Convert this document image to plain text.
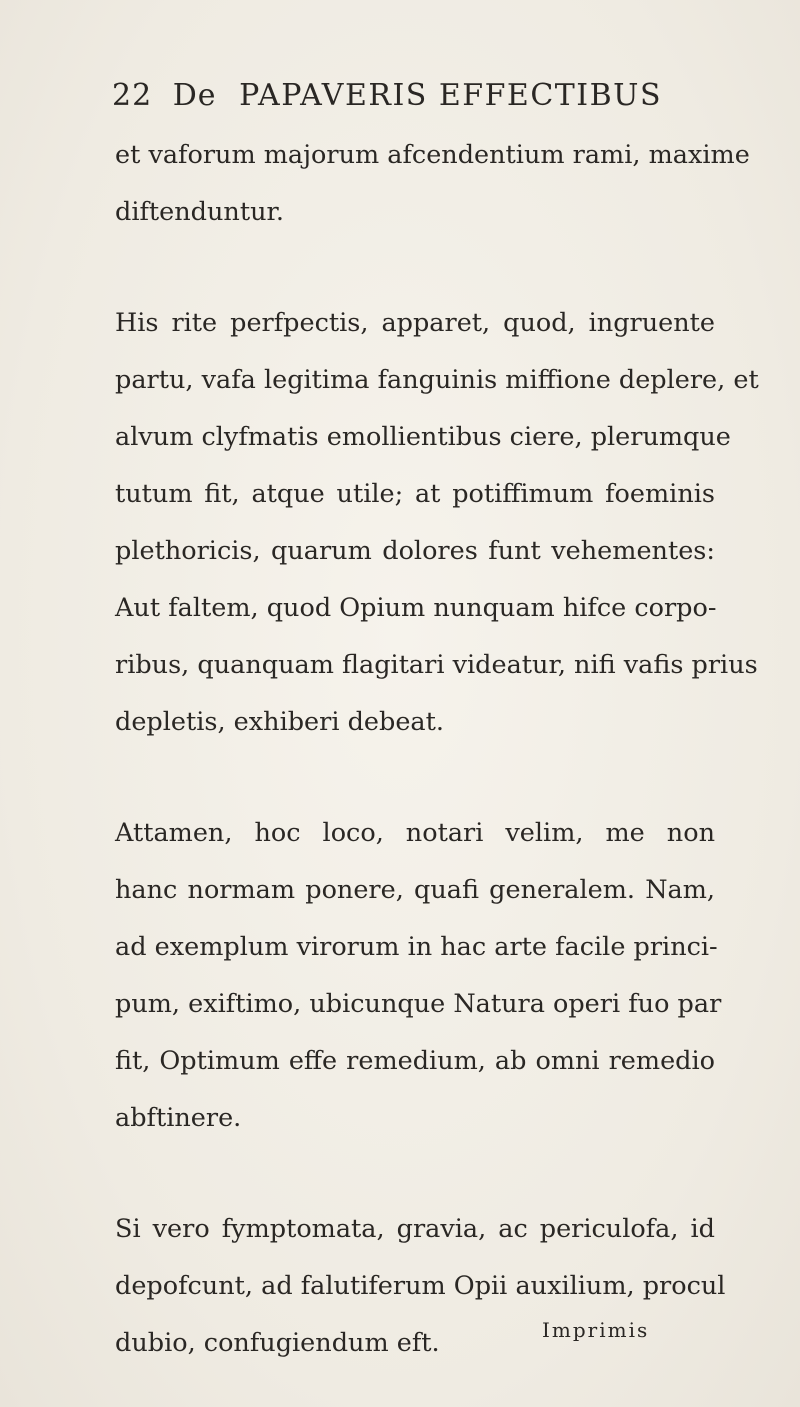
22 De PAPAVERIS EFFECTIBUS
et vaforum majorum afcendentium rami, maxime
diftenduntur.
His rite perfpectis, apparet, quod, ingruente
partu, vafa legitima fanguinis miffione deplere, et
alvum clyfmatis emollientibus ciere, plerumque
tutum fit, atque utile; at potiffimum foeminis
plethoricis, quarum dolores funt vehementes:
Aut faltem, quod Opium nunquam hifce corpo-
ribus, quanquam flagitari videatur, nifi vafis prius
depletis, exhiberi debeat.
Attamen, hoc loco, notari velim, me non
hanc normam ponere, quafi generalem. Nam,
ad exemplum virorum in hac arte facile princi-
pum, exiftimo, ubicunque Natura operi fuo par
fit, Optimum effe remedium, ab omni remedio
abftinere.
Si vero fymptomata, gravia, ac periculofa, id
depofcunt, ad falutiferum Opii auxilium, procul
dubio, confugiendum eft.	Imprimis
